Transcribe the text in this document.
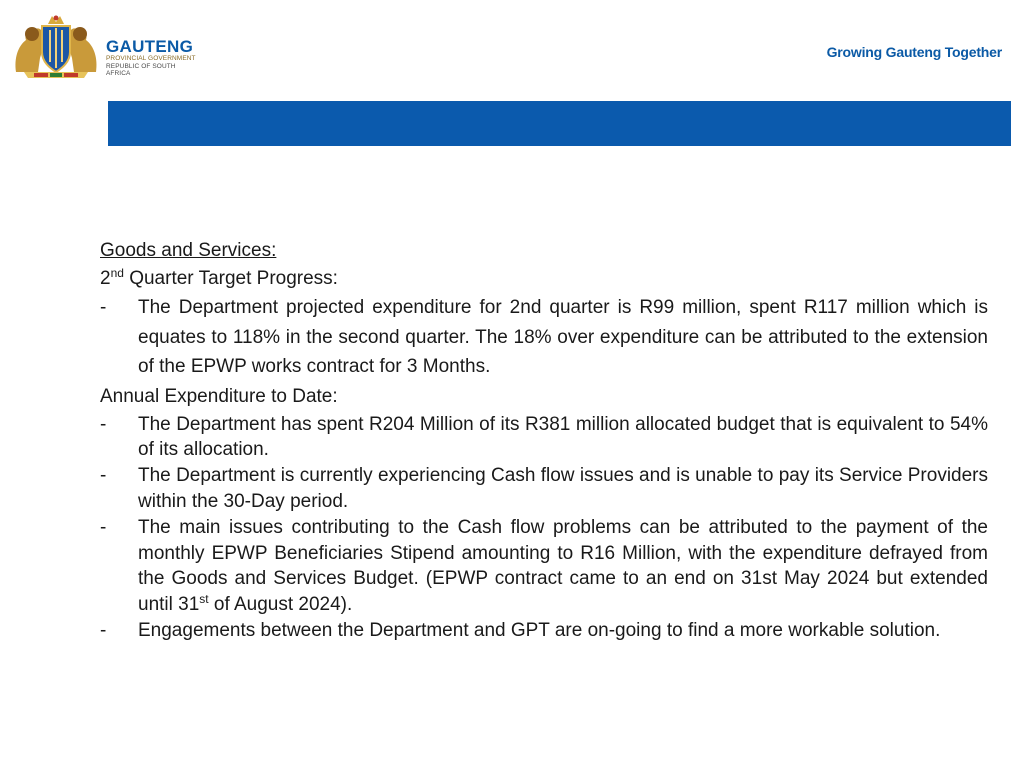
GAUTENG
PROVINCIAL GOVERNMENT
REPUBLIC OF SOUTH AFRICA
Growing Gauteng Together

Goods and Services:

2nd Quarter Target Progress:

-	The Department projected expenditure for 2nd quarter is R99 million, spent R117 million which is equates to 118% in the second quarter. The 18% over expenditure can be attributed to the extension of the EPWP works contract for 3 Months.

Annual Expenditure to Date:

-	The Department has spent R204 Million of its R381 million allocated budget that is equivalent to 54% of its allocation.
-	The Department is currently experiencing Cash flow issues and is unable to pay its Service Providers within the 30-Day period.
-	The main issues contributing to the Cash flow problems can be attributed to the payment of the monthly EPWP Beneficiaries Stipend amounting to R16 Million, with the expenditure defrayed from the Goods and Services Budget. (EPWP contract came to an end on 31st May 2024 but extended until 31st of August 2024).
-	Engagements between the Department and GPT are on-going to find a more workable solution.
